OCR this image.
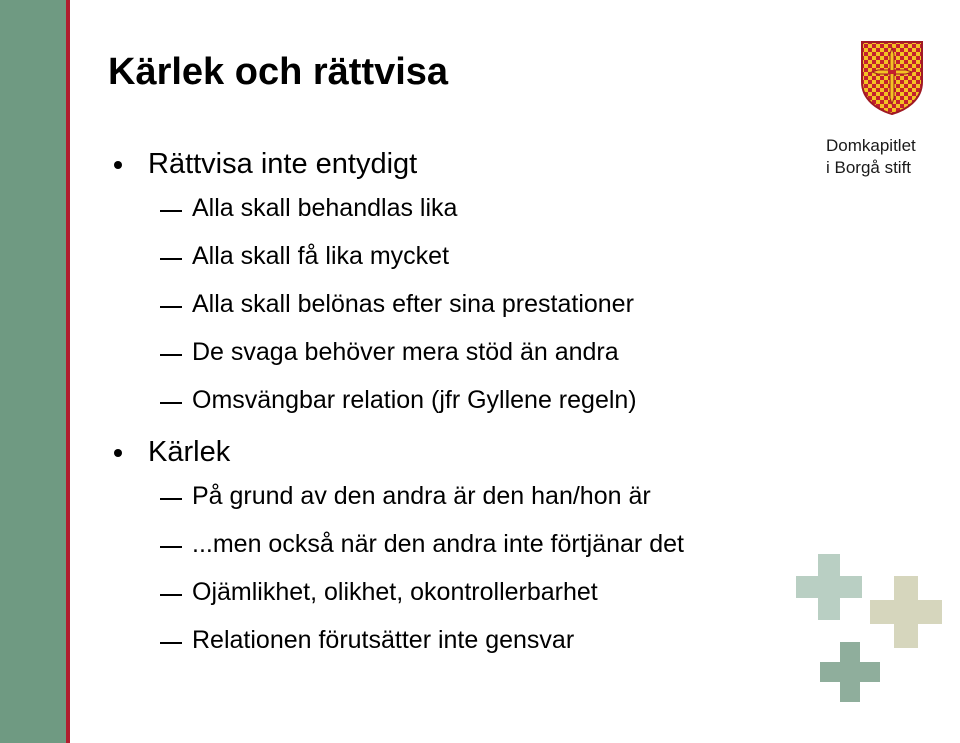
Kärlek och rättvisa
Rättvisa inte entydigt
Alla skall behandlas lika
Alla skall få lika mycket
Alla skall belönas efter sina prestationer
De svaga behöver mera stöd än andra
Omsvängbar relation (jfr Gyllene regeln)
Kärlek
På grund av den andra är den han/hon är
...men också när den andra inte förtjänar det
Ojämlikhet, olikhet, okontrollerbarhet
Relationen förutsätter inte gensvar
Domkapitlet
i Borgå stift
